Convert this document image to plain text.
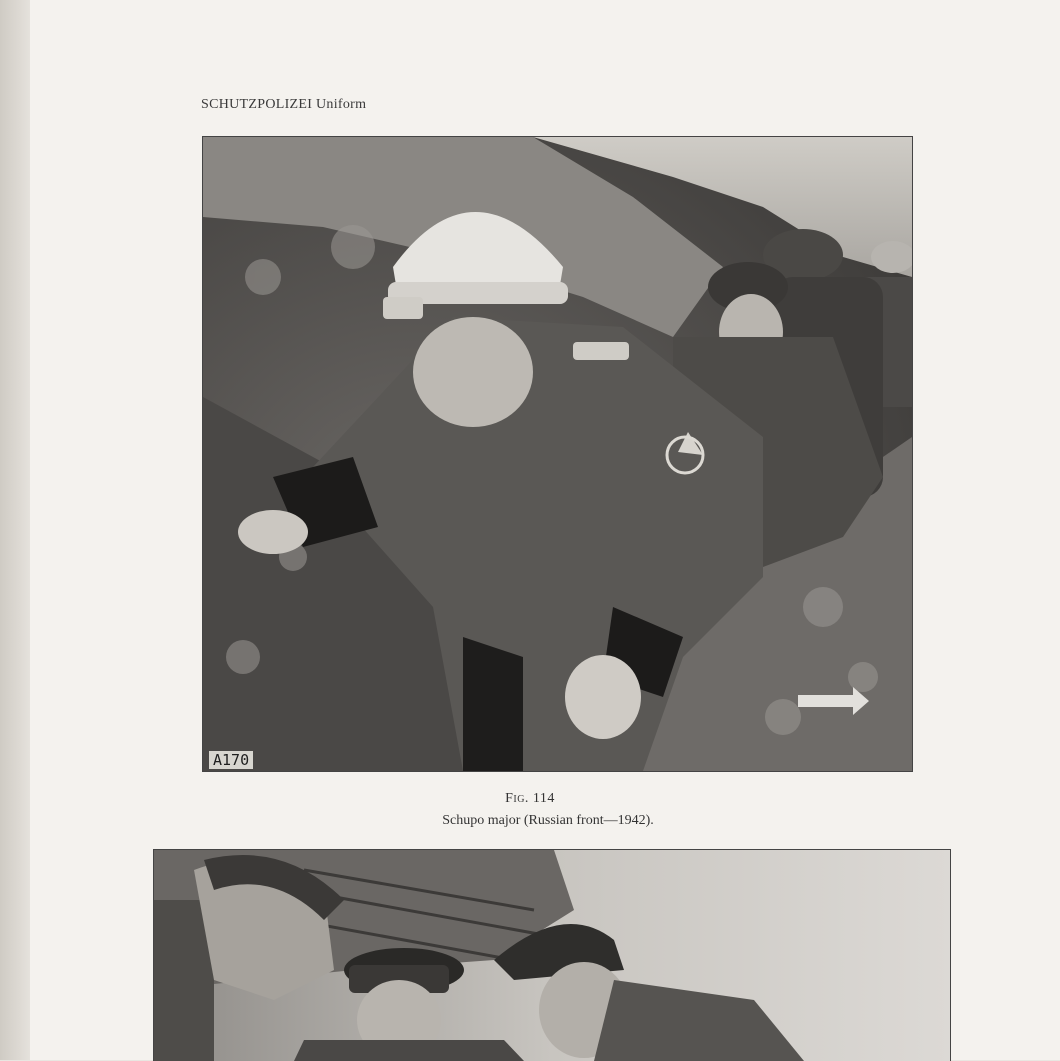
SCHUTZPOLIZEI Uniform
A170
Fig. 114
Schupo major (Russian front—1942).
